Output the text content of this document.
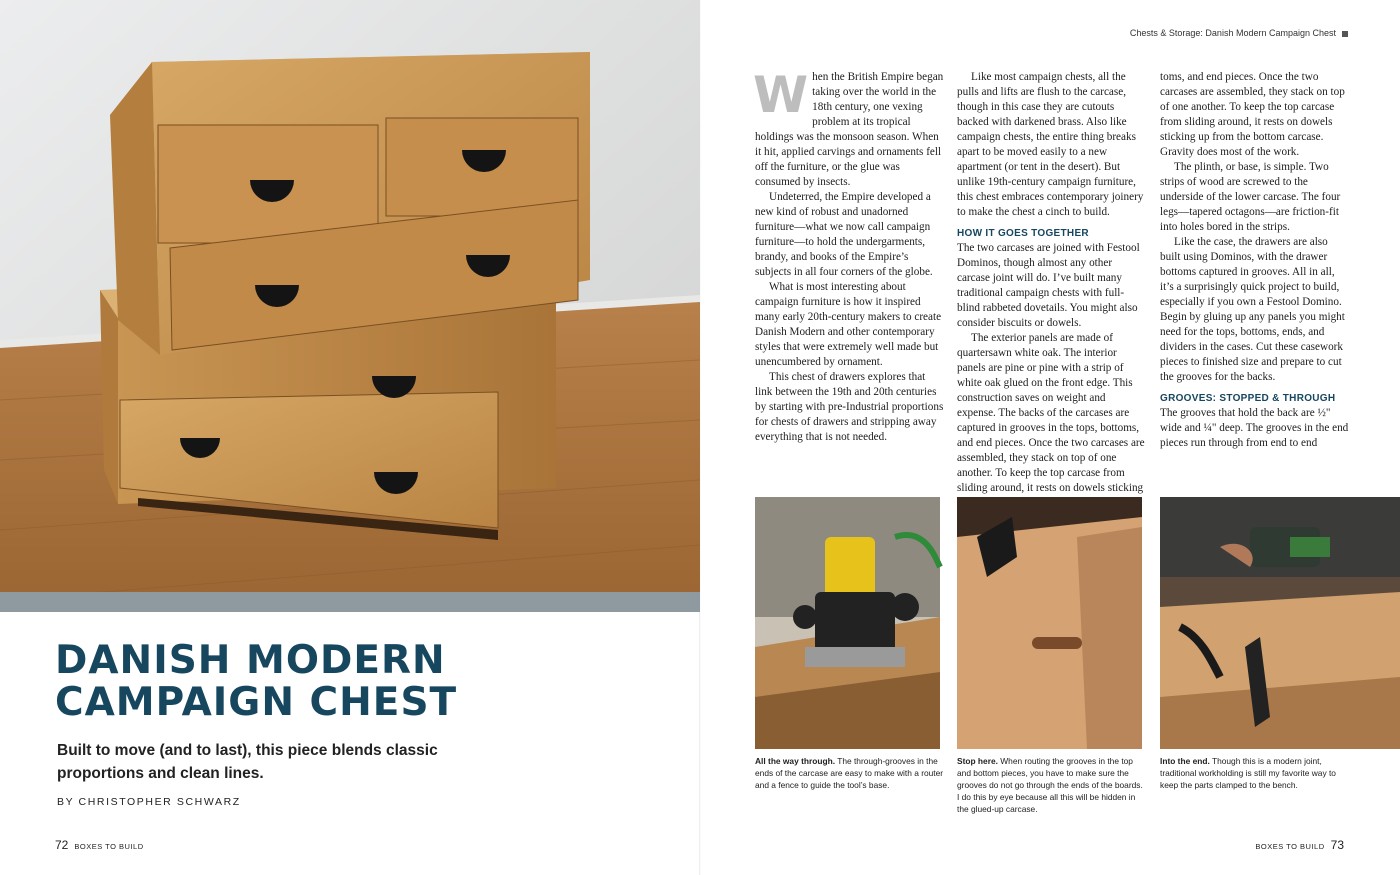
DANISH MODERN
CAMPAIGN CHEST

Built to move (and to last), this piece blends classic proportions and clean lines.

BY CHRISTOPHER SCHWARZ

72 BOXES TO BUILD
Chests & Storage: Danish Modern Campaign Chest

When the British Empire began taking over the world in the 18th century, one vexing problem at its tropical holdings was the monsoon season. When it hit, applied carvings and ornaments fell off the furniture, or the glue was consumed by insects.

Undeterred, the Empire developed a new kind of robust and unadorned furniture—what we now call campaign furniture—to hold the undergarments, brandy, and books of the Empire’s subjects in all four corners of the globe.

What is most interesting about campaign furniture is how it inspired many early 20th-century makers to create Danish Modern and other contemporary styles that were extremely well made but unencumbered by ornament.

This chest of drawers explores that link between the 19th and 20th centuries by starting with pre-Industrial proportions for chests of drawers and stripping away everything that is not needed.

Like most campaign chests, all the pulls and lifts are flush to the carcase, though in this case they are cutouts backed with darkened brass. Also like campaign chests, the entire thing breaks apart to be moved easily to a new apartment (or tent in the desert). But unlike 19th-century campaign furniture, this chest embraces contemporary joinery to make the chest a cinch to build.

HOW IT GOES TOGETHER

The two carcases are joined with Festool Dominos, though almost any other carcase joint will do. I’ve built many traditional campaign chests with full-blind rabbeted dovetails. You might also consider biscuits or dowels.

The exterior panels are made of quartersawn white oak. The interior panels are pine or pine with a strip of white oak glued on the front edge. This construction saves on weight and expense. The backs of the carcases are captured in grooves in the tops, bottoms, and end pieces. Once the two carcases are assembled, they stack on top of one another. To keep the top carcase from sliding around, it rests on dowels sticking

toms, and end pieces. Once the two carcases are assembled, they stack on top of one another. To keep the top carcase from sliding around, it rests on dowels sticking up from the bottom carcase. Gravity does most of the work.

The plinth, or base, is simple. Two strips of wood are screwed to the underside of the lower carcase. The four legs—tapered octagons—are friction-fit into holes bored in the strips.

Like the case, the drawers are also built using Dominos, with the drawer bottoms captured in grooves. All in all, it’s a surprisingly quick project to build, especially if you own a Festool Domino. Begin by gluing up any panels you might need for the tops, bottoms, ends, and dividers in the cases. Cut these casework pieces to finished size and prepare to cut the grooves for the backs.

GROOVES: STOPPED & THROUGH

The grooves that hold the back are ½" wide and ¼" deep. The grooves in the end pieces run through from end to end

All the way through. The through-grooves in the ends of the carcase are easy to make with a router and a fence to guide the tool’s base.

Stop here. When routing the grooves in the top and bottom pieces, you have to make sure the grooves do not go through the ends of the boards. I do this by eye because all this will be hidden in the glued-up carcase.

Into the end. Though this is a modern joint, traditional workholding is still my favorite way to keep the parts clamped to the bench.

BOXES TO BUILD 73
